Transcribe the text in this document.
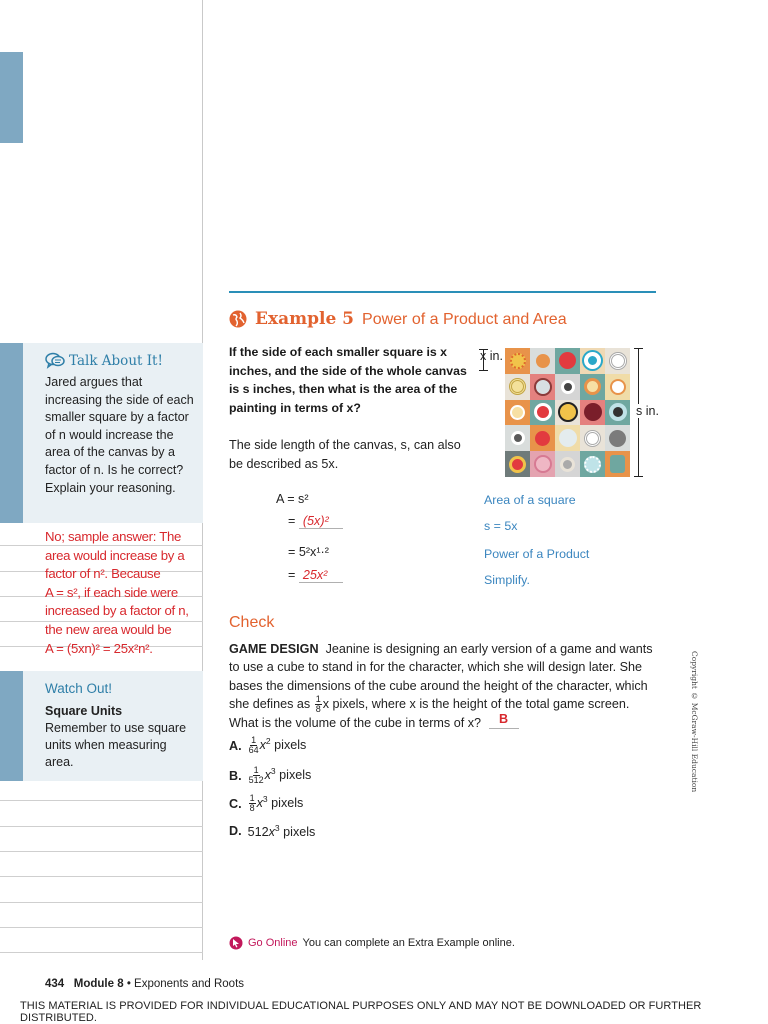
Talk About It!
Jared argues that increasing the side of each smaller square by a factor of n would increase the area of the canvas by a factor of n. Is he correct? Explain your reasoning.
No; sample answer: The
area would increase by a
factor of n². Because
A = s², if each side were
increased by a factor of n,
the new area would be
A = (5xn)² = 25x²n².
Watch Out!
Square Units
Remember to use square units when measuring area.
Example 5 Power of a Product and Area
If the side of each smaller square is x inches, and the side of the whole canvas is s inches, then what is the area of the painting in terms of x?
The side length of the canvas, s, can also be described as 5x.
x in.
s in.
A = s²	Area of a square
= (5x)²	s = 5x
= 5²x¹·²	Power of a Product
= 25x²	Simplify.
Check
GAME DESIGN Jeanine is designing an early version of a game and wants to use a cube to stand in for the character, which she will design later. She bases the dimensions of the cube around the height of the character, which she defines as $\frac{1}{8}$ x pixels, where x is the height of the total game screen. What is the volume of the cube in terms of x? B
A. $\frac{1}{64} x^2$ pixels
B. $\frac{1}{512} x^3$ pixels
C. $\frac{1}{8} x^3$ pixels
D. $512x^3$ pixels
Copyright © McGraw-Hill Education
Go Online You can complete an Extra Example online.
434 Module 8 • Exponents and Roots
THIS MATERIAL IS PROVIDED FOR INDIVIDUAL EDUCATIONAL PURPOSES ONLY AND MAY NOT BE DOWNLOADED OR FURTHER DISTRIBUTED.
